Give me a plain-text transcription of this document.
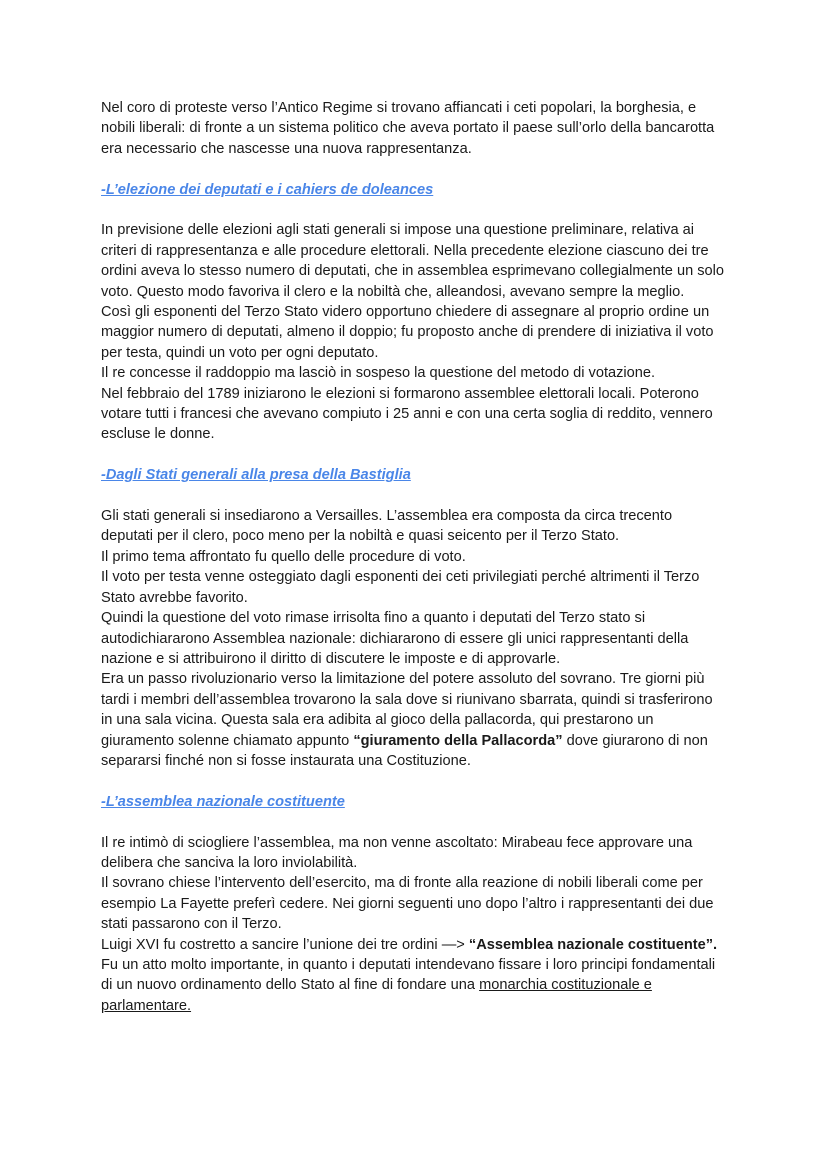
Nel coro di proteste verso l’Antico Regime si trovano affiancati i ceti popolari, la borghesia, e nobili liberali: di fronte a un sistema politico che aveva portato il paese sull’orlo della bancarotta era necessario che nascesse una nuova rappresentanza.

-L’elezione dei deputati e i cahiers de doleances

In previsione delle elezioni agli stati generali si impose una questione preliminare, relativa ai criteri di rappresentanza e alle procedure elettorali. Nella precedente elezione ciascuno dei tre ordini aveva lo stesso numero di deputati, che in assemblea esprimevano collegialmente un solo voto. Questo modo favoriva il clero e la nobiltà che, alleandosi, avevano sempre la meglio.

Così gli esponenti del Terzo Stato videro opportuno chiedere di assegnare al proprio ordine un maggior numero di deputati, almeno il doppio; fu proposto anche di prendere di iniziativa il voto per testa, quindi un voto per ogni deputato.

Il re concesse il raddoppio ma lasciò in sospeso la questione del metodo di votazione.

Nel febbraio del 1789 iniziarono le elezioni si formarono assemblee elettorali locali. Poterono votare tutti i francesi che avevano compiuto i 25 anni e con una certa soglia di reddito, vennero escluse le donne.

-Dagli Stati generali alla presa della Bastiglia

Gli stati generali si insediarono a Versailles. L’assemblea era composta da circa trecento deputati per il clero, poco meno per la nobiltà e quasi seicento per il Terzo Stato.

Il primo tema affrontato fu quello delle procedure di voto.

Il voto per testa venne osteggiato dagli esponenti dei ceti privilegiati perché altrimenti il Terzo Stato avrebbe favorito.

Quindi la questione del voto rimase irrisolta fino a quanto i deputati del Terzo stato si autodichiararono Assemblea nazionale: dichiararono di essere gli unici rappresentanti della nazione e si attribuirono il diritto di discutere le imposte e di approvarle.

Era un passo rivoluzionario verso la limitazione del potere assoluto del sovrano. Tre giorni più tardi i membri dell’assemblea trovarono la sala dove si riunivano sbarrata, quindi si trasferirono in una sala vicina. Questa sala era adibita al gioco della pallacorda, qui prestarono un giuramento solenne chiamato appunto “giuramento della Pallacorda” dove giurarono di non separarsi finché non si fosse instaurata una Costituzione.

-L’assemblea nazionale costituente

Il re intimò di sciogliere l’assemblea, ma non venne ascoltato: Mirabeau fece approvare una delibera che sanciva la loro inviolabilità.

Il sovrano chiese l’intervento dell’esercito, ma di fronte alla reazione di nobili liberali come per esempio La Fayette preferì cedere. Nei giorni seguenti uno dopo l’altro i rappresentanti dei due stati passarono con il Terzo.

Luigi XVI fu costretto a sancire l’unione dei tre ordini —> “Assemblea nazionale costituente”.

Fu un atto molto importante, in quanto i deputati intendevano fissare i loro principi fondamentali di un nuovo ordinamento dello Stato al fine di fondare una monarchia costituzionale e parlamentare.
